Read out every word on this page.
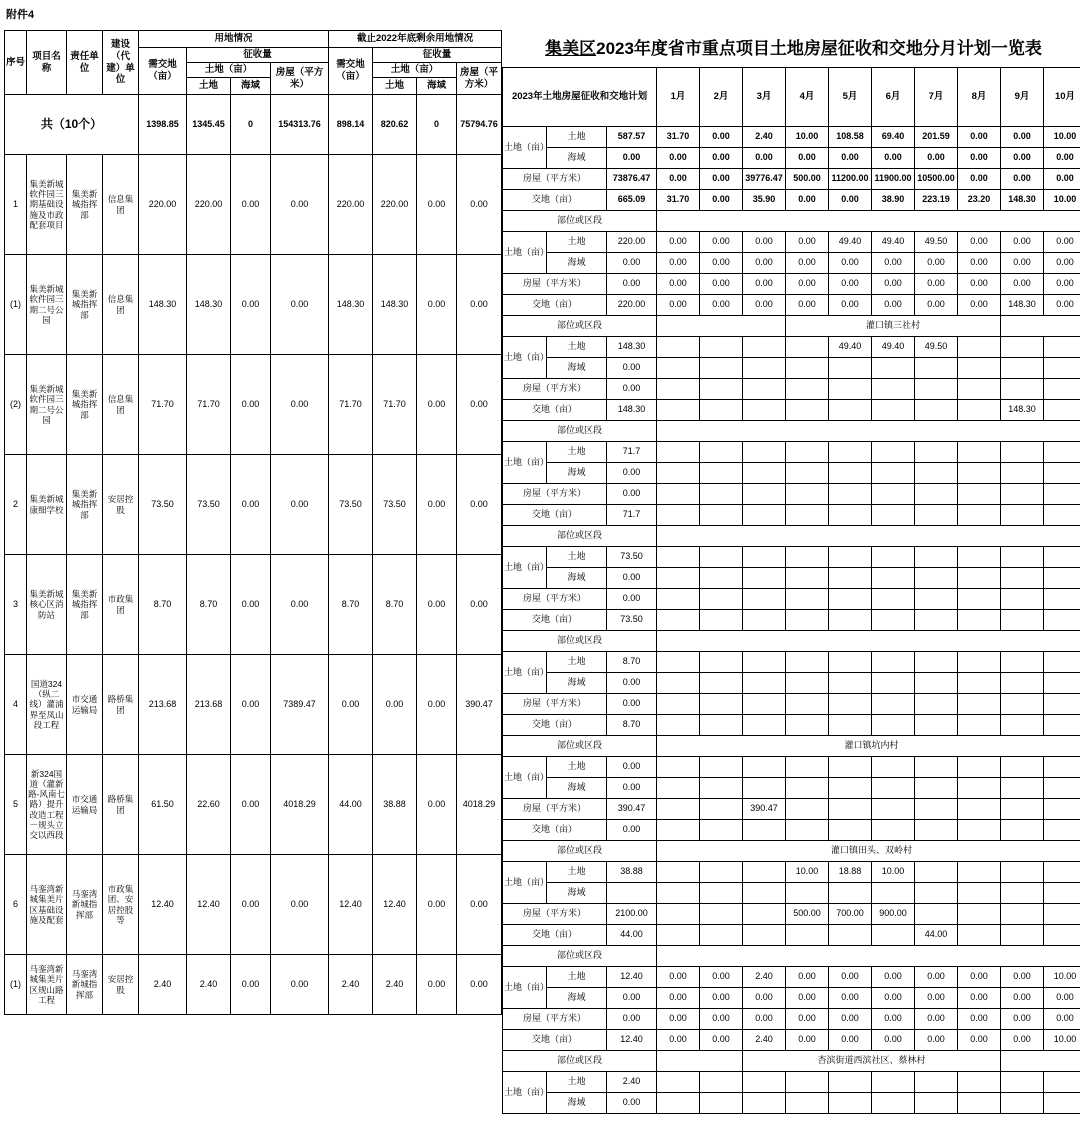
附件4
序号	项目名称	责任单位	建设（代建）单位	用地情况				截止2022年底剩余用地情况			
				需交地（亩）	征收量			需交地（亩）	征收量		
					土地（亩）		房屋（平方米）		土地（亩）		房屋（平方米）
					土地	海域			土地	海域	
共（10个）				1398.85	1345.45	0	154313.76	898.14	820.62	0	75794.76
1	集美新城软件园三期基础设施及市政配套项目	集美新城指挥部	信息集团	220.00	220.00	0.00	0.00	220.00	220.00	0.00	0.00
(1)	集美新城软件园三期二号公园	集美新城指挥部	信息集团	148.30	148.30	0.00	0.00	148.30	148.30	0.00	0.00
(2)	集美新城软件园三期二号公园	集美新城指挥部	信息集团	71.70	71.70	0.00	0.00	71.70	71.70	0.00	0.00
2	集美新城康细学校	集美新城指挥部	安居控股	73.50	73.50	0.00	0.00	73.50	73.50	0.00	0.00
3	集美新城核心区消防站	集美新城指挥部	市政集团	8.70	8.70	0.00	0.00	8.70	8.70	0.00	0.00
4	国道324（纵二线）灌浦界至凤山段工程	市交通运输局	路桥集团	213.68	213.68	0.00	7389.47	0.00	0.00	0.00	390.47
5	新324国道（灌新路-风南七路）提升改造工程－规头立交以西段	市交通运输局	路桥集团	61.50	22.60	0.00	4018.29	44.00	38.88	0.00	4018.29
6	马銮湾新城集美片区基础设施及配套	马銮湾新城指挥部	市政集团、安居控股等	12.40	12.40	0.00	0.00	12.40	12.40	0.00	0.00
(1)	马銮湾新城集美片区规山路工程	马銮湾新城指挥部	安居控股	2.40	2.40	0.00	0.00	2.40	2.40	0.00	0.00
集美区2023年度省市重点项目土地房屋征收和交地分月计划一览表
2023年土地房屋征收和交地计划			1月	2月	3月	4月	5月	6月	7月	8月	9月	10月
土地（亩）	土地	587.57	31.70	0.00	2.40	10.00	108.58	69.40	201.59	0.00	0.00	10.00
	海域	0.00	0.00	0.00	0.00	0.00	0.00	0.00	0.00	0.00	0.00	0.00
房屋（平方米）		73876.47	0.00	0.00	39776.47	500.00	11200.00	11900.00	10500.00	0.00	0.00	0.00
交地（亩）		665.09	31.70	0.00	35.90	0.00	0.00	38.90	223.19	23.20	148.30	10.00
部位或区段												
土地（亩）	土地	220.00	0.00	0.00	0.00	0.00	49.40	49.40	49.50	0.00	0.00	0.00
	海域	0.00	0.00	0.00	0.00	0.00	0.00	0.00	0.00	0.00	0.00	0.00
房屋（平方米）		0.00	0.00	0.00	0.00	0.00	0.00	0.00	0.00	0.00	0.00	0.00
交地（亩）		220.00	0.00	0.00	0.00	0.00	0.00	0.00	0.00	0.00	148.30	0.00
部位或区段						灌口镇三社村						
土地（亩）	土地	148.30					49.40	49.40	49.50			
	海域	0.00										
房屋（平方米）		0.00										
交地（亩）		148.30									148.30	
部位或区段												
土地（亩）	土地	71.7										
	海域	0.00										
房屋（平方米）		0.00										
交地（亩）		71.7										
部位或区段												
土地（亩）	土地	73.50										
	海域	0.00										
房屋（平方米）		0.00										
交地（亩）		73.50										
部位或区段												
土地（亩）	土地	8.70										
	海域	0.00										
房屋（平方米）		0.00										
交地（亩）		8.70										
部位或区段			灌口镇坑内村									
土地（亩）	土地	0.00										
	海域	0.00										
房屋（平方米）		390.47			390.47							
交地（亩）		0.00										
部位或区段			灌口镇田头、双岭村									
土地（亩）	土地	38.88				10.00	18.88	10.00				
	海域											
房屋（平方米）		2100.00				500.00	700.00	900.00				
交地（亩）		44.00							44.00			
部位或区段												
土地（亩）	土地	12.40	0.00	0.00	2.40	0.00	0.00	0.00	0.00	0.00	0.00	10.00
	海域	0.00	0.00	0.00	0.00	0.00	0.00	0.00	0.00	0.00	0.00	0.00
房屋（平方米）		0.00	0.00	0.00	0.00	0.00	0.00	0.00	0.00	0.00	0.00	0.00
交地（亩）		12.40	0.00	0.00	2.40	0.00	0.00	0.00	0.00	0.00	0.00	10.00
部位或区段					杏滨街道西滨社区、蔡林村							
土地（亩）	土地	2.40										
	海域	0.00										
